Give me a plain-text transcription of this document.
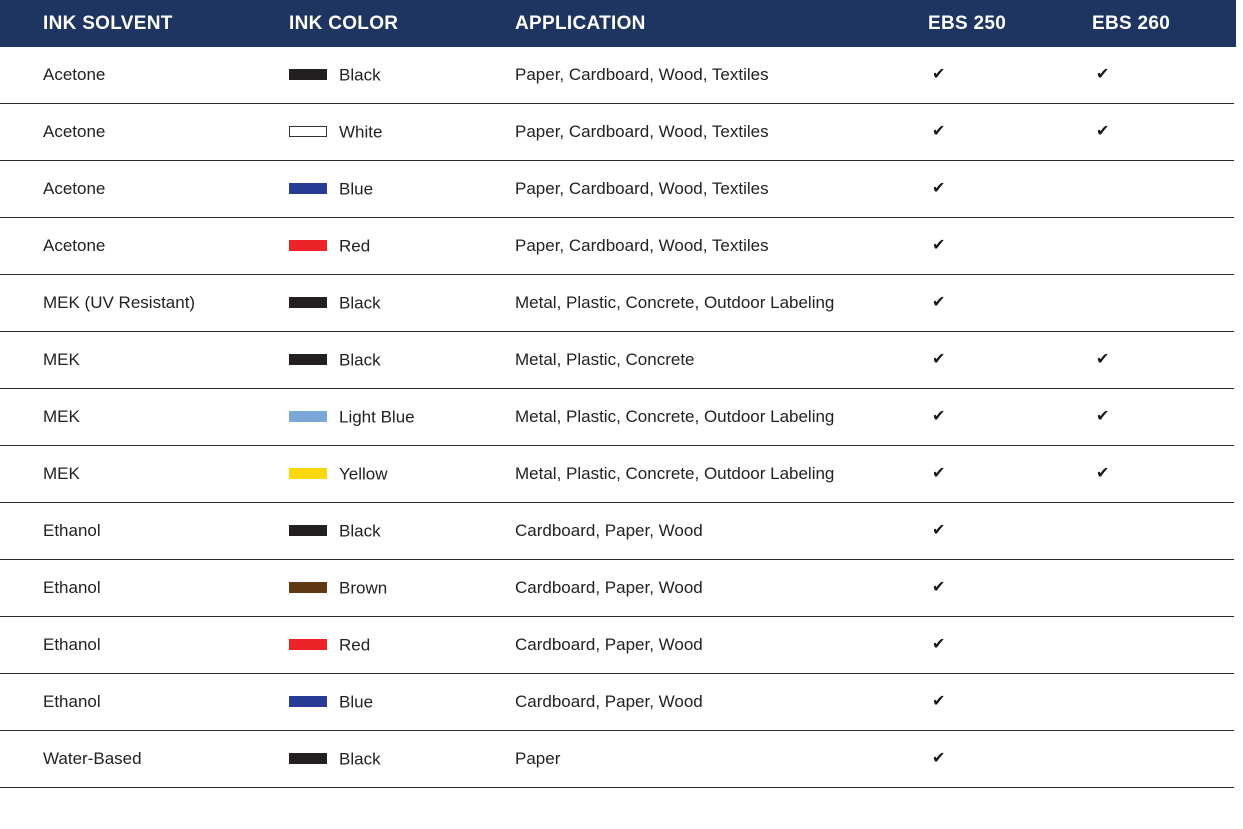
INK SOLVENT	INK COLOR	APPLICATION	EBS 250	EBS 260
Acetone	Black	Paper, Cardboard, Wood, Textiles	✔	✔
Acetone	White	Paper, Cardboard, Wood, Textiles	✔	✔
Acetone	Blue	Paper, Cardboard, Wood, Textiles	✔
Acetone	Red	Paper, Cardboard, Wood, Textiles	✔
MEK (UV Resistant)	Black	Metal, Plastic, Concrete, Outdoor Labeling	✔
MEK	Black	Metal, Plastic, Concrete	✔	✔
MEK	Light Blue	Metal, Plastic, Concrete, Outdoor Labeling	✔	✔
MEK	Yellow	Metal, Plastic, Concrete, Outdoor Labeling	✔	✔
Ethanol	Black	Cardboard, Paper, Wood	✔
Ethanol	Brown	Cardboard, Paper, Wood	✔
Ethanol	Red	Cardboard, Paper, Wood	✔
Ethanol	Blue	Cardboard, Paper, Wood	✔
Water-Based	Black	Paper	✔
